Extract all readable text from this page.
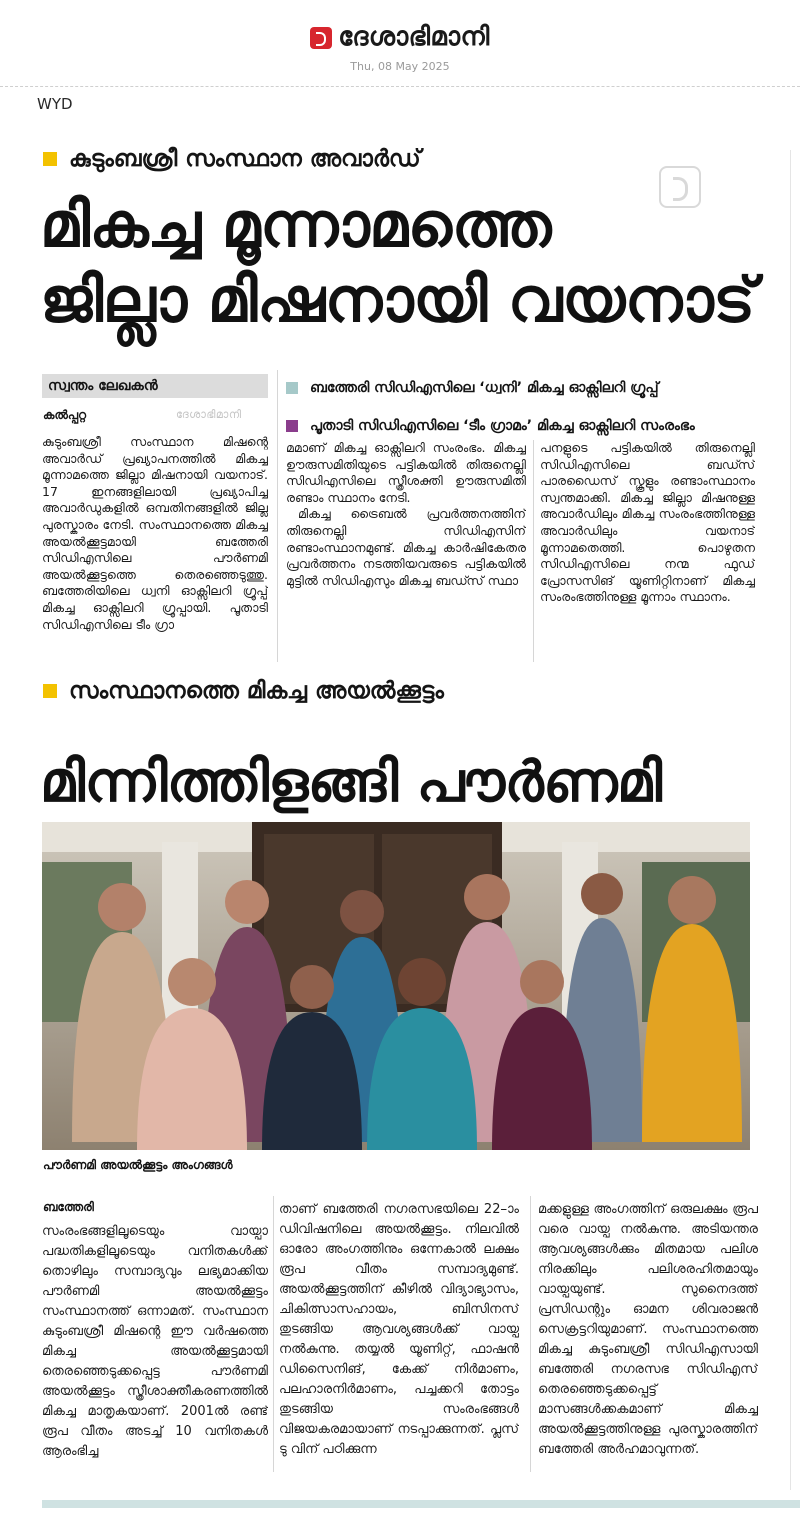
ദേശാഭിമാനി
Thu, 08 May 2025
WYD
കുടുംബശ്രീ സംസ്ഥാന അവാർഡ്
മികച്ച മൂന്നാമത്തെ
ജില്ലാ മിഷനായി വയനാട്
സ്വന്തം ലേഖകൻ
കൽപ്പറ്റ	ദേശാഭിമാനി
ബത്തേരി സിഡിഎസിലെ ‘ധ്വനി’ മികച്ച ഓക്സിലറി ഗ്രൂപ്പ്
പൂതാടി സിഡിഎസിലെ ‘ടീം ഗ്രാമം’ മികച്ച ഓക്സിലറി സംരംഭം

കുടുംബശ്രീ സംസ്ഥാന മിഷന്റെ അവാർഡ് പ്രഖ്യാപനത്തിൽ മികച്ച മൂന്നാമത്തെ ജില്ലാ മിഷനായി വയനാട്. 17 ഇനങ്ങളിലായി പ്രഖ്യാപിച്ച അവാർഡുകളിൽ ഒമ്പതിനങ്ങളിൽ ജില്ല പുരസ്കാരം നേടി. സംസ്ഥാനത്തെ മികച്ച അയൽക്കൂട്ടമായി ബത്തേരി സിഡിഎസിലെ പൗർണമി അയൽക്കൂട്ടത്തെ തെരഞ്ഞെടുത്തു. ബത്തേരിയിലെ ധ്വനി ഓക്സിലറി ഗ്രൂപ്പ് മികച്ച ഓക്സിലറി ഗ്രൂപ്പായി. പൂതാടി സിഡിഎസിലെ ടീം ഗ്രാ

മമാണ് മികച്ച ഓക്സിലറി സംരംഭം. മികച്ച ഊരുസമിതിയുടെ പട്ടികയിൽ തിരുനെല്ലി സിഡിഎസിലെ സ്ത്രീശക്തി ഊരുസമിതി രണ്ടാം സ്ഥാനം നേടി.

മികച്ച ട്രൈബൽ പ്രവർത്തനത്തിന് തിരുനെല്ലി സിഡിഎസിന് രണ്ടാംസ്ഥാനമുണ്ട്. മികച്ച കാർഷികേതര പ്രവർത്തനം നടത്തിയവരുടെ പട്ടികയിൽ മുട്ടിൽ സിഡിഎസും മികച്ച ബഡ്സ് സ്ഥാ

പനളുടെ പട്ടികയിൽ തിരുനെല്ലി സിഡിഎസിലെ ബഡ്സ് പാരഡൈസ് സ്കൂളും രണ്ടാംസ്ഥാനം സ്വന്തമാക്കി. മികച്ച ജില്ലാ മിഷനുള്ള അവാർഡിലും മികച്ച സംരംഭത്തിനുള്ള അവാർഡിലും വയനാട് മൂന്നാമതെത്തി. പൊഴുതന സിഡിഎസിലെ നന്മ ഫുഡ് പ്രോസസിങ് യൂണിറ്റിനാണ് മികച്ച സംരംഭത്തിനുള്ള മൂന്നാം സ്ഥാനം.

സംസ്ഥാനത്തെ മികച്ച അയൽക്കൂട്ടം
മിന്നിത്തിളങ്ങി പൗർണമി
പൗർണമി അയൽക്കൂട്ടം അംഗങ്ങൾ
ബത്തേരി

സംരംഭങ്ങളിലൂടെയും വായ്പാ പദ്ധതികളിലൂടെയും വനിതകൾക്ക് തൊഴിലും സമ്പാദ്യവും ലഭ്യമാക്കിയ പൗർണമി അയൽക്കൂട്ടം സംസ്ഥാനത്ത് ഒന്നാമത്. സംസ്ഥാന കുടുംബശ്രീ മിഷന്റെ ഈ വർഷത്തെ മികച്ച അയൽക്കൂട്ടമായി തെരഞ്ഞെടുക്കപ്പെട്ട പൗർണമി അയൽക്കൂട്ടം സ്ത്രീശാക്തീകരണത്തിൽ മികച്ച മാതൃകയാണ്. 2001ൽ രണ്ട് രൂപ വീതം അടച്ച് 10 വനിതകൾ ആരംഭിച്ച

താണ് ബത്തേരി നഗരസഭയിലെ 22–ാം ഡിവിഷനിലെ അയൽക്കൂട്ടം. നിലവിൽ ഓരോ അംഗത്തിനും ഒന്നേകാൽ ലക്ഷം രൂപ വീതം സമ്പാദ്യമുണ്ട്. അയൽക്കൂട്ടത്തിന് കീഴിൽ വിദ്യാഭ്യാസം, ചികിത്സാസഹായം, ബിസിനസ് തുടങ്ങിയ ആവശ്യങ്ങൾക്ക് വായ്പ നൽകുന്നു. തയ്യൽ യൂണിറ്റ്, ഫാഷൻ ഡിസൈനിങ്, കേക്ക് നിർമാണം, പലഹാരനിർമാണം, പച്ചക്കറി തോട്ടം തുടങ്ങിയ സംരംഭങ്ങൾ വിജയകരമായാണ് നടപ്പാക്കുന്നത്. പ്ലസ് ടു വിന് പഠിക്കുന്ന

മക്കളുള്ള അംഗത്തിന് ഒരുലക്ഷം രൂപ വരെ വായ്പ നൽകുന്നു. അടിയന്തര ആവശ്യങ്ങൾക്കും മിതമായ പലിശ നിരക്കിലും പലിശരഹിതമായും വായ്പയുണ്ട്. സുനൈദത്ത് പ്രസിഡന്റും ഓമന ശിവരാജൻ സെക്രട്ടറിയുമാണ്. സംസ്ഥാനത്തെ മികച്ച കുടുംബശ്രീ സിഡിഎസായി ബത്തേരി നഗരസഭ സിഡിഎസ് തെരഞ്ഞെടുക്കപ്പെട്ട് മാസങ്ങൾക്കകമാണ് മികച്ച അയൽക്കൂട്ടത്തിനുള്ള പുരസ്കാരത്തിന് ബത്തേരി അർഹമാവുന്നത്.
